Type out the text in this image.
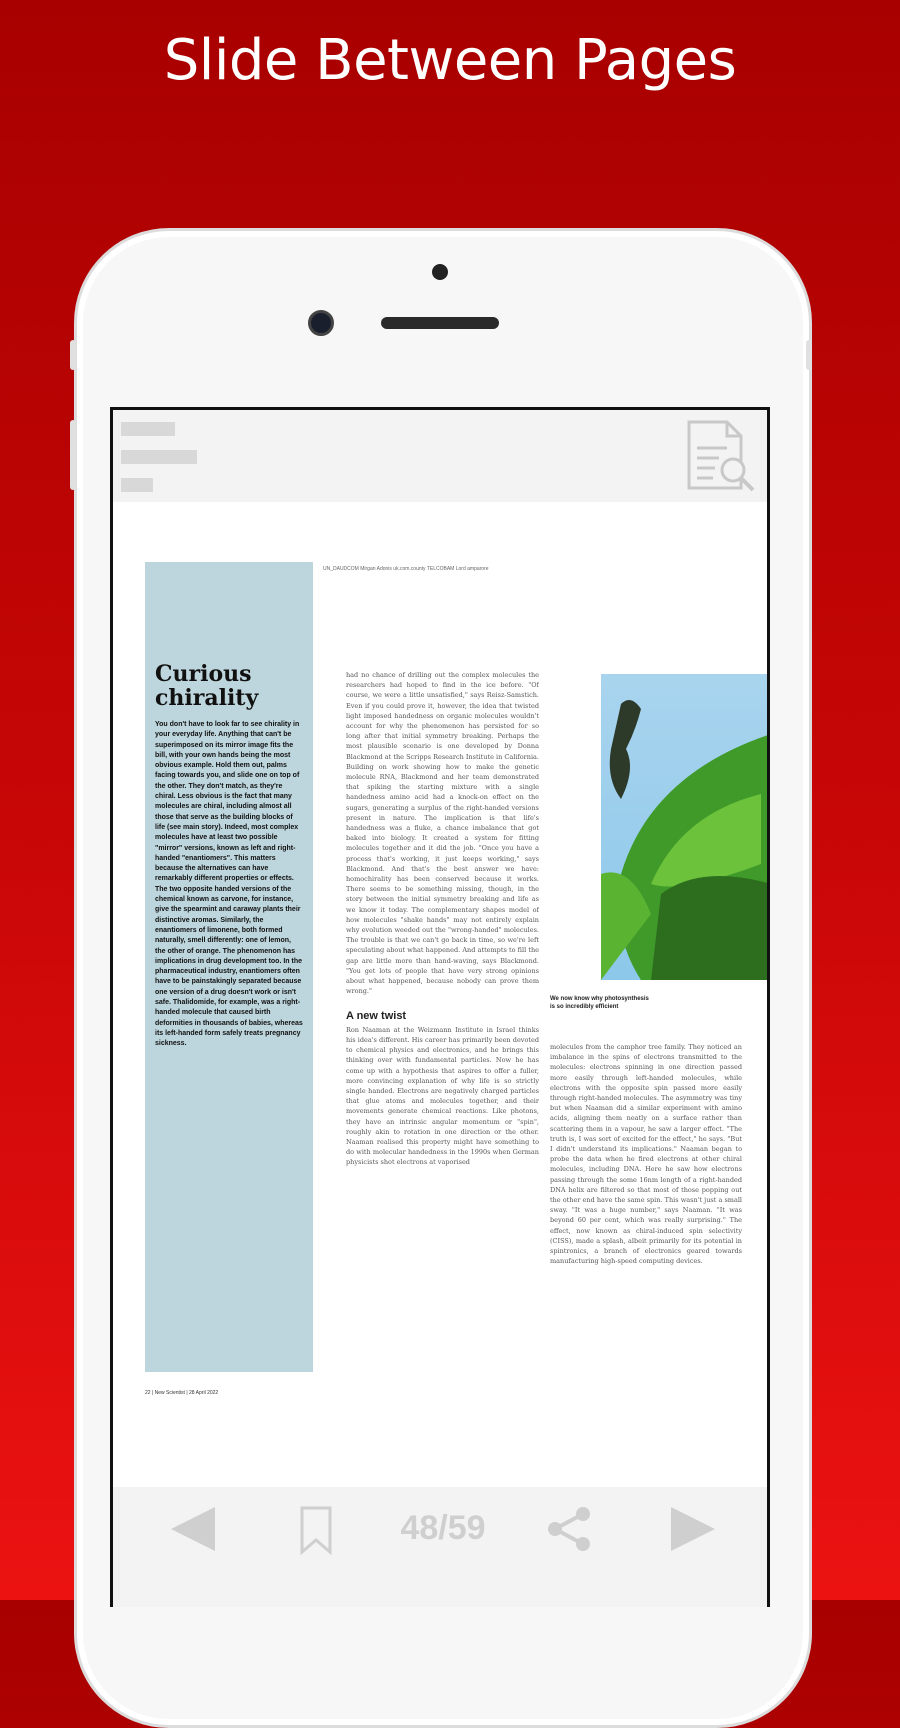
Slide Between Pages
UN_DAUDCOM Mirgan Adonis uk.com.county TELCOBAM Lord amparore
Curious chirality

You don't have to look far to see chirality in your everyday life. Anything that can't be superimposed on its mirror image fits the bill, with your own hands being the most obvious example. Hold them out, palms facing towards you, and slide one on top of the other. They don't match, as they're chiral. Less obvious is the fact that many molecules are chiral, including almost all those that serve as the building blocks of life (see main story). Indeed, most complex molecules have at least two possible "mirror" versions, known as left and right-handed "enantiomers". This matters because the alternatives can have remarkably different properties or effects. The two opposite handed versions of the chemical known as carvone, for instance, give the spearmint and caraway plants their distinctive aromas. Similarly, the enantiomers of limonene, both formed naturally, smell differently: one of lemon, the other of orange. The phenomenon has implications in drug development too. In the pharmaceutical industry, enantiomers often have to be painstakingly separated because one version of a drug doesn't work or isn't safe. Thalidomide, for example, was a right-handed molecule that caused birth deformities in thousands of babies, whereas its left-handed form safely treats pregnancy sickness.

had no chance of drilling out the complex molecules the researchers had hoped to find in the ice before. "Of course, we were a little unsatisfied," says Reisz-Samstich. Even if you could prove it, however, the idea that twisted light imposed handedness on organic molecules wouldn't account for why the phenomenon has persisted for so long after that initial symmetry breaking. Perhaps the most plausible scenario is one developed by Donna Blackmond at the Scripps Research Institute in California. Building on work showing how to make the genetic molecule RNA, Blackmond and her team demonstrated that spiking the starting mixture with a single handedness amino acid had a knock-on effect on the sugars, generating a surplus of the right-handed versions present in nature. The implication is that life's handedness was a fluke, a chance imbalance that got baked into biology. It created a system for fitting molecules together and it did the job. "Once you have a process that's working, it just keeps working," says Blackmond. And that's the best answer we have: homochirality has been conserved because it works. There seems to be something missing, though, in the story between the initial symmetry breaking and life as we know it today. The complementary shapes model of how molecules "shake hands" may not entirely explain why evolution weeded out the "wrong-handed" molecules. The trouble is that we can't go back in time, so we're left speculating about what happened. And attempts to fill the gap are little more than hand-waving, says Blackmond. "You get lots of people that have very strong opinions about what happened, because nobody can prove them wrong."
A new twist
Ron Naaman at the Weizmann Institute in Israel thinks his idea's different. His career has primarily been devoted to chemical physics and electronics, and he brings this thinking over with fundamental particles. Now he has come up with a hypothesis that aspires to offer a fuller, more convincing explanation of why life is so strictly single handed. Electrons are negatively charged particles that glue atoms and molecules together, and their movements generate chemical reactions. Like photons, they have an intrinsic angular momentum or "spin", roughly akin to rotation in one direction or the other. Naaman realised this property might have something to do with molecular handedness in the 1990s when German physicists shot electrons at vaporised
We now know why photosynthesis is so incredibly efficient
molecules from the camphor tree family. They noticed an imbalance in the spins of electrons transmitted to the molecules: electrons spinning in one direction passed more easily through left-handed molecules, while electrons with the opposite spin passed more easily through right-handed molecules. The asymmetry was tiny but when Naaman did a similar experiment with amino acids, aligning them neatly on a surface rather than scattering them in a vapour, he saw a larger effect. "The truth is, I was sort of excited for the effect," he says. "But I didn't understand its implications." Naaman began to probe the data when he fired electrons at other chiral molecules, including DNA. Here he saw how electrons passing through the some 16nm length of a right-handed DNA helix are filtered so that most of those popping out the other end have the same spin. This wasn't just a small sway. "It was a huge number," says Naaman. "It was beyond 60 per cent, which was really surprising." The effect, now known as chiral-induced spin selectivity (CISS), made a splash, albeit primarily for its potential in spintronics, a branch of electronics geared towards manufacturing high-speed computing devices.
22 | New Scientist | 28 April 2022
48/59
